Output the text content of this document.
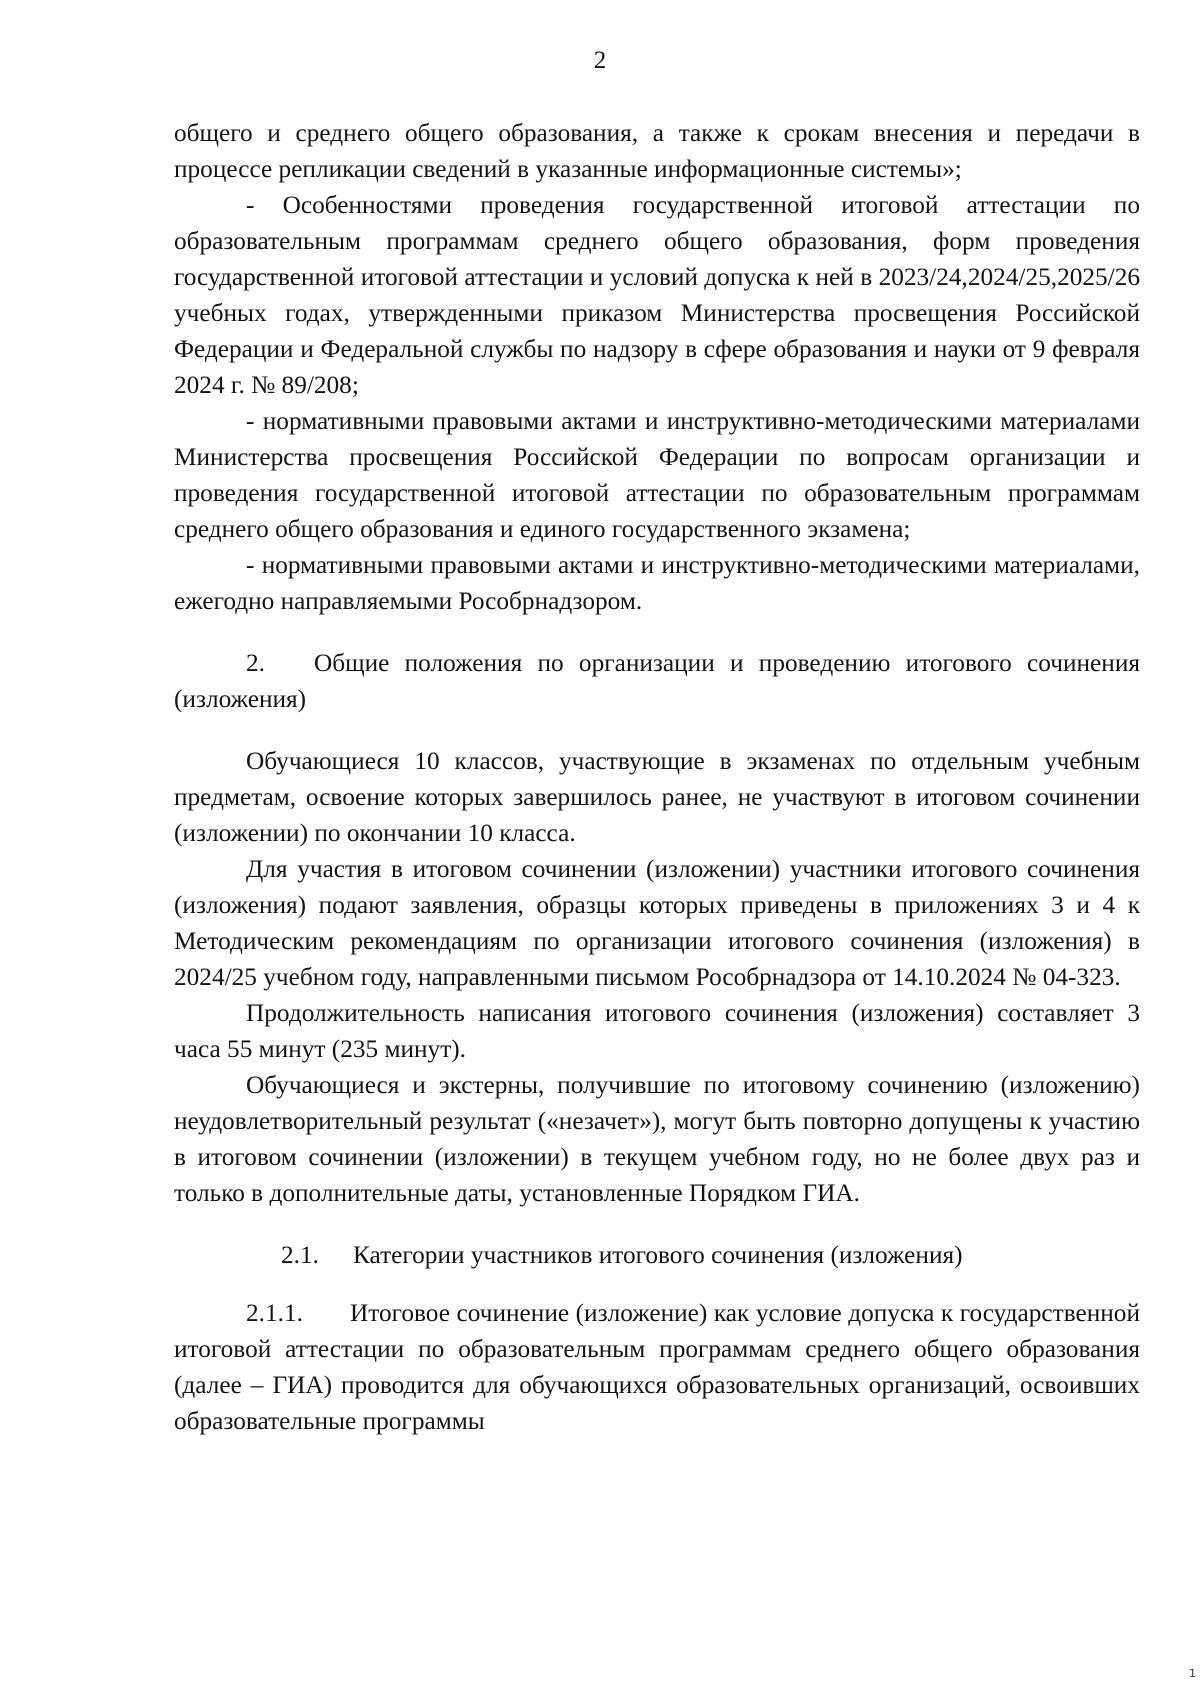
2

общего и среднего общего образования, а также к срокам внесения и передачи в процессе репликации сведений в указанные информационные системы»;

- Особенностями проведения государственной итоговой аттестации по образовательным программам среднего общего образования, форм проведения государственной итоговой аттестации и условий допуска к ней в 2023/24,2024/25,2025/26 учебных годах, утвержденными приказом Министерства просвещения Российской Федерации и Федеральной службы по надзору в сфере образования и науки от 9 февраля 2024 г. № 89/208;

- нормативными правовыми актами и инструктивно-методическими материалами Министерства просвещения Российской Федерации по вопросам организации и проведения государственной итоговой аттестации по образовательным программам среднего общего образования и единого государственного экзамена;

- нормативными правовыми актами и инструктивно-методическими материалами, ежегодно направляемыми Рособрнадзором.

2. Общие положения по организации и проведению итогового сочинения (изложения)

Обучающиеся 10 классов, участвующие в экзаменах по отдельным учебным предметам, освоение которых завершилось ранее, не участвуют в итоговом сочинении (изложении) по окончании 10 класса.

Для участия в итоговом сочинении (изложении) участники итогового сочинения (изложения) подают заявления, образцы которых приведены в приложениях 3 и 4 к Методическим рекомендациям по организации итогового сочинения (изложения) в 2024/25 учебном году, направленными письмом Рособрнадзора от 14.10.2024 № 04-323.

Продолжительность написания итогового сочинения (изложения) составляет 3 часа 55 минут (235 минут).

Обучающиеся и экстерны, получившие по итоговому сочинению (изложению) неудовлетворительный результат («незачет»), могут быть повторно допущены к участию в итоговом сочинении (изложении) в текущем учебном году, но не более двух раз и только в дополнительные даты, установленные Порядком ГИА.

2.1. Категории участников итогового сочинения (изложения)

2.1.1. Итоговое сочинение (изложение) как условие допуска к государственной итоговой аттестации по образовательным программам среднего общего образования (далее – ГИА) проводится для обучающихся образовательных организаций, освоивших образовательные программы

1
